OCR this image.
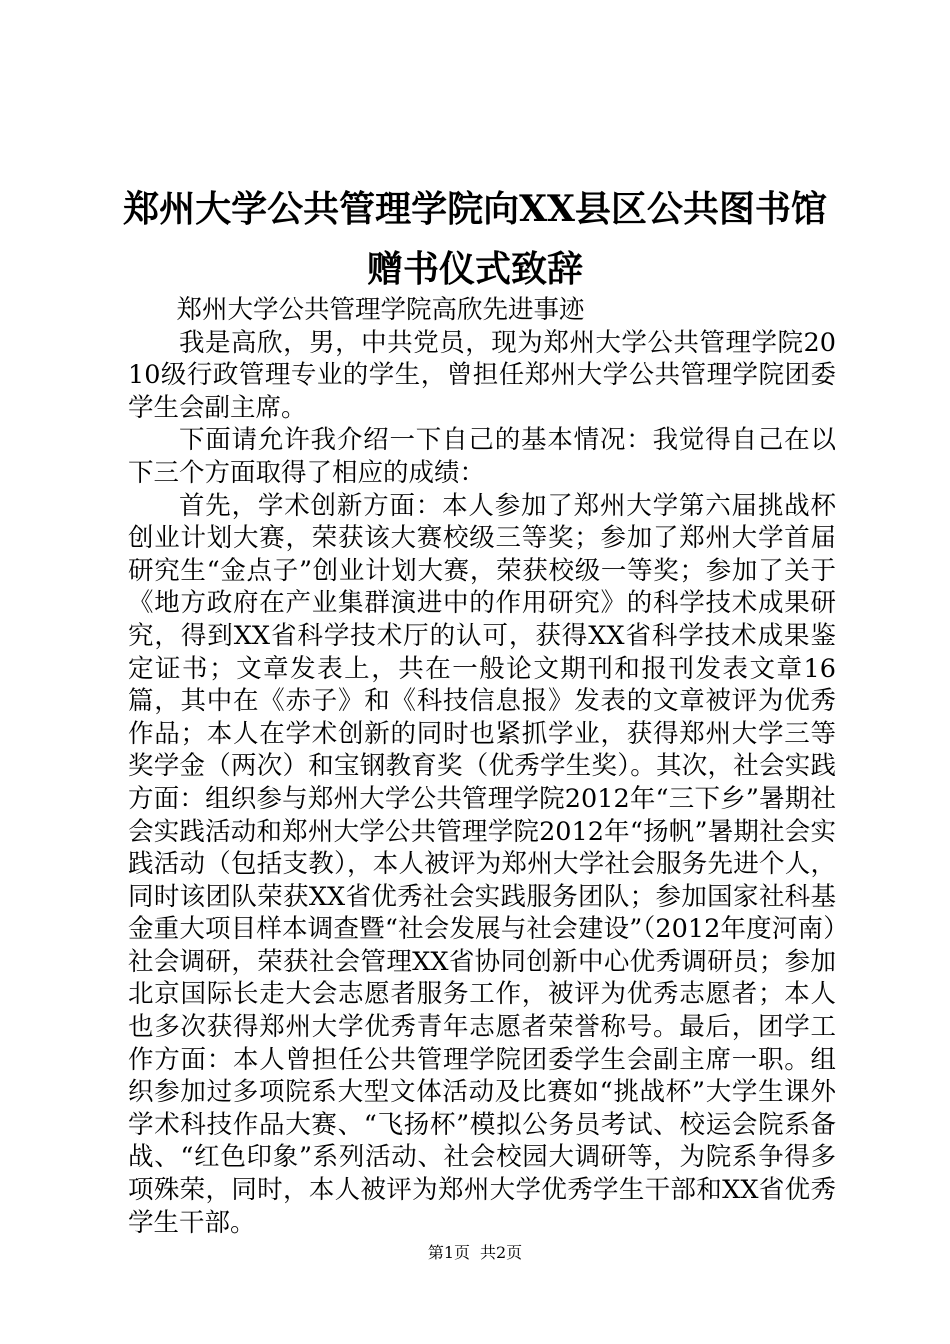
郑州大学公共管理学院向XX县区公共图书馆
赠书仪式致辞

郑州大学公共管理学院高欣先进事迹

我是高欣，男，中共党员，现为郑州大学公共管理学院2010级行政管理专业的学生，曾担任郑州大学公共管理学院团委学生会副主席。

下面请允许我介绍一下自己的基本情况：我觉得自己在以下三个方面取得了相应的成绩：

首先，学术创新方面：本人参加了郑州大学第六届挑战杯创业计划大赛，荣获该大赛校级三等奖；参加了郑州大学首届研究生“金点子”创业计划大赛，荣获校级一等奖；参加了关于《地方政府在产业集群演进中的作用研究》的科学技术成果研究，得到XX省科学技术厅的认可，获得XX省科学技术成果鉴定证书；文章发表上，共在一般论文期刊和报刊发表文章16篇，其中在《赤子》和《科技信息报》发表的文章被评为优秀作品；本人在学术创新的同时也紧抓学业，获得郑州大学三等奖学金（两次）和宝钢教育奖（优秀学生奖）。其次，社会实践方面：组织参与郑州大学公共管理学院2012年“三下乡”暑期社会实践活动和郑州大学公共管理学院2012年“扬帆”暑期社会实践活动（包括支教），本人被评为郑州大学社会服务先进个人，同时该团队荣获XX省优秀社会实践服务团队；参加国家社科基金重大项目样本调查暨“社会发展与社会建设”（2012年度河南）社会调研，荣获社会管理XX省协同创新中心优秀调研员；参加北京国际长走大会志愿者服务工作，被评为优秀志愿者；本人也多次获得郑州大学优秀青年志愿者荣誉称号。最后，团学工作方面：本人曾担任公共管理学院团委学生会副主席一职。组织参加过多项院系大型文体活动及比赛如“挑战杯”大学生课外学术科技作品大赛、“飞扬杯”模拟公务员考试、校运会院系备战、“红色印象”系列活动、社会校园大调研等，为院系争得多项殊荣，同时，本人被评为郑州大学优秀学生干部和XX省优秀学生干部。

第1页 共2页
